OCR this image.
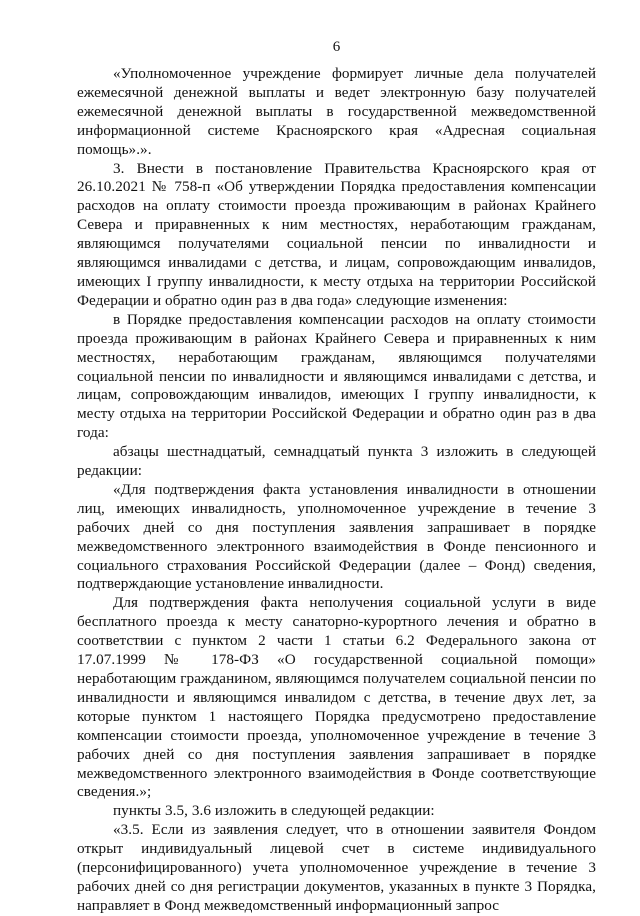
6

«Уполномоченное учреждение формирует личные дела получателей ежемесячной денежной выплаты и ведет электронную базу получателей ежемесячной денежной выплаты в государственной межведомственной информационной системе Красноярского края «Адресная социальная помощь».».

3. Внести в постановление Правительства Красноярского края от 26.10.2021 № 758-п «Об утверждении Порядка предоставления компенсации расходов на оплату стоимости проезда проживающим в районах Крайнего Севера и приравненных к ним местностях, неработающим гражданам, являющимся получателями социальной пенсии по инвалидности и являющимся инвалидами с детства, и лицам, сопровождающим инвалидов, имеющих I группу инвалидности, к месту отдыха на территории Российской Федерации и обратно один раз в два года» следующие изменения:

в Порядке предоставления компенсации расходов на оплату стоимости проезда проживающим в районах Крайнего Севера и приравненных к ним местностях, неработающим гражданам, являющимся получателями социальной пенсии по инвалидности и являющимся инвалидами с детства, и лицам, сопровождающим инвалидов, имеющих I группу инвалидности, к месту отдыха на территории Российской Федерации и обратно один раз в два года:

абзацы шестнадцатый, семнадцатый пункта 3 изложить в следующей редакции:

«Для подтверждения факта установления инвалидности в отношении лиц, имеющих инвалидность, уполномоченное учреждение в течение 3 рабочих дней со дня поступления заявления запрашивает в порядке межведомственного электронного взаимодействия в Фонде пенсионного и социального страхования Российской Федерации (далее – Фонд) сведения, подтверждающие установление инвалидности.

Для подтверждения факта неполучения социальной услуги в виде бесплатного проезда к месту санаторно-курортного лечения и обратно в соответствии с пунктом 2 части 1 статьи 6.2 Федерального закона от 17.07.1999 № 178-ФЗ «О государственной социальной помощи» неработающим гражданином, являющимся получателем социальной пенсии по инвалидности и являющимся инвалидом с детства, в течение двух лет, за которые пунктом 1 настоящего Порядка предусмотрено предоставление компенсации стоимости проезда, уполномоченное учреждение в течение 3 рабочих дней со дня поступления заявления запрашивает в порядке межведомственного электронного взаимодействия в Фонде соответствующие сведения.»;

пункты 3.5, 3.6 изложить в следующей редакции:

«3.5. Если из заявления следует, что в отношении заявителя Фондом открыт индивидуальный лицевой счет в системе индивидуального (персонифицированного) учета уполномоченное учреждение в течение 3 рабочих дней со дня регистрации документов, указанных в пункте 3 Порядка, направляет в Фонд межведомственный информационный запрос
